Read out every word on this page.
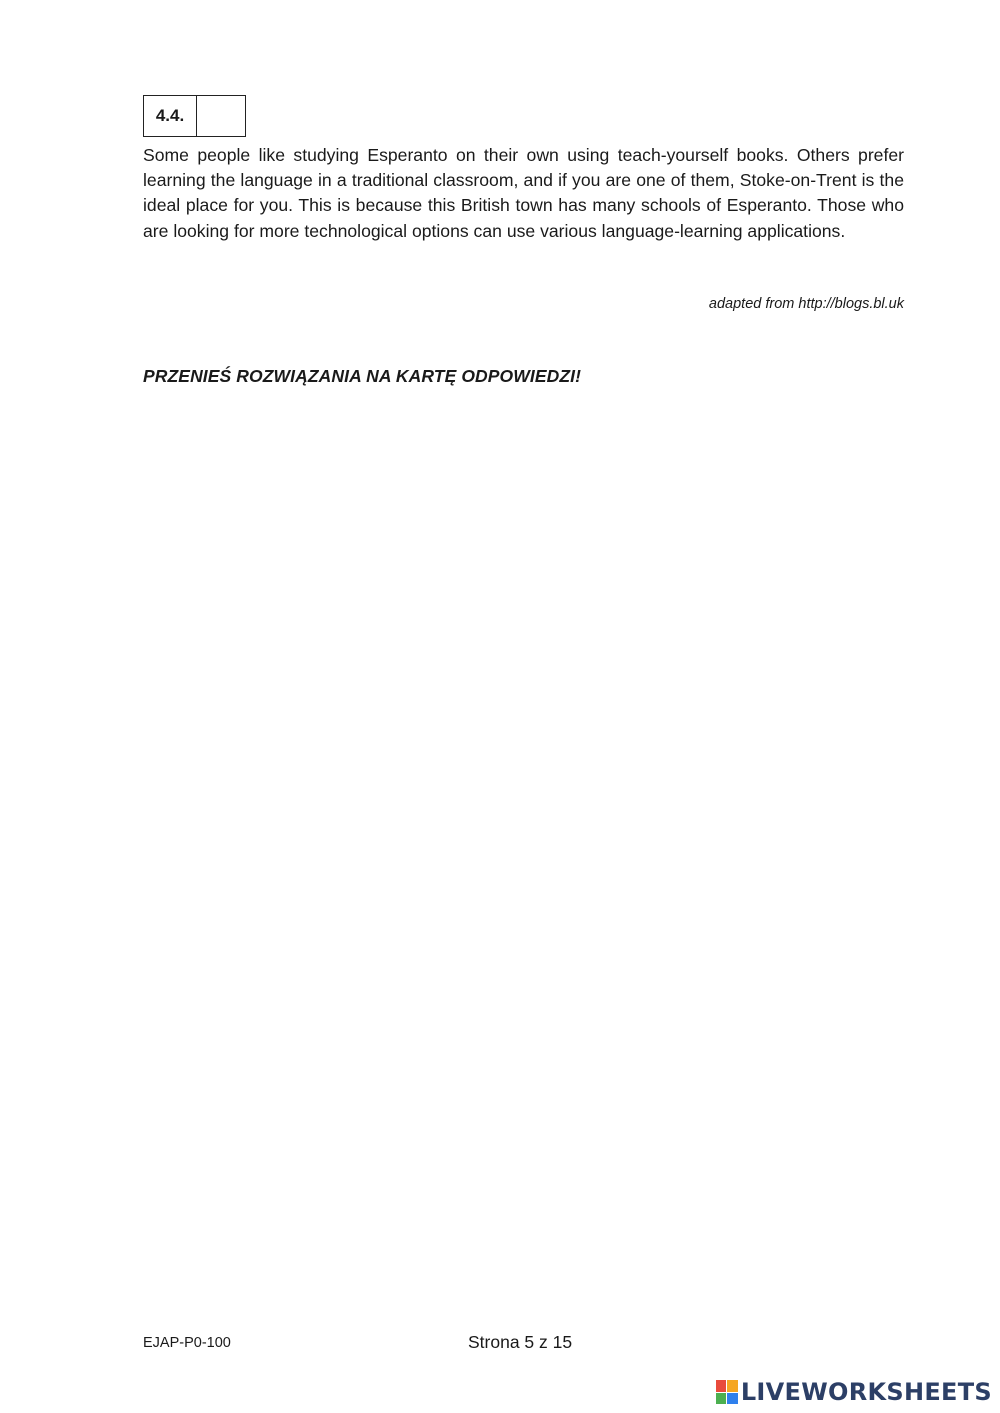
4.4.

Some people like studying Esperanto on their own using teach-yourself books. Others prefer learning the language in a traditional classroom, and if you are one of them, Stoke-on-Trent is the ideal place for you. This is because this British town has many schools of Esperanto. Those who are looking for more technological options can use various language-learning applications.

adapted from http://blogs.bl.uk
PRZENIEŚ ROZWIĄZANIA NA KARTĘ ODPOWIEDZI!
EJAP-P0-100	Strona 5 z 15
LIVEWORKSHEETS
